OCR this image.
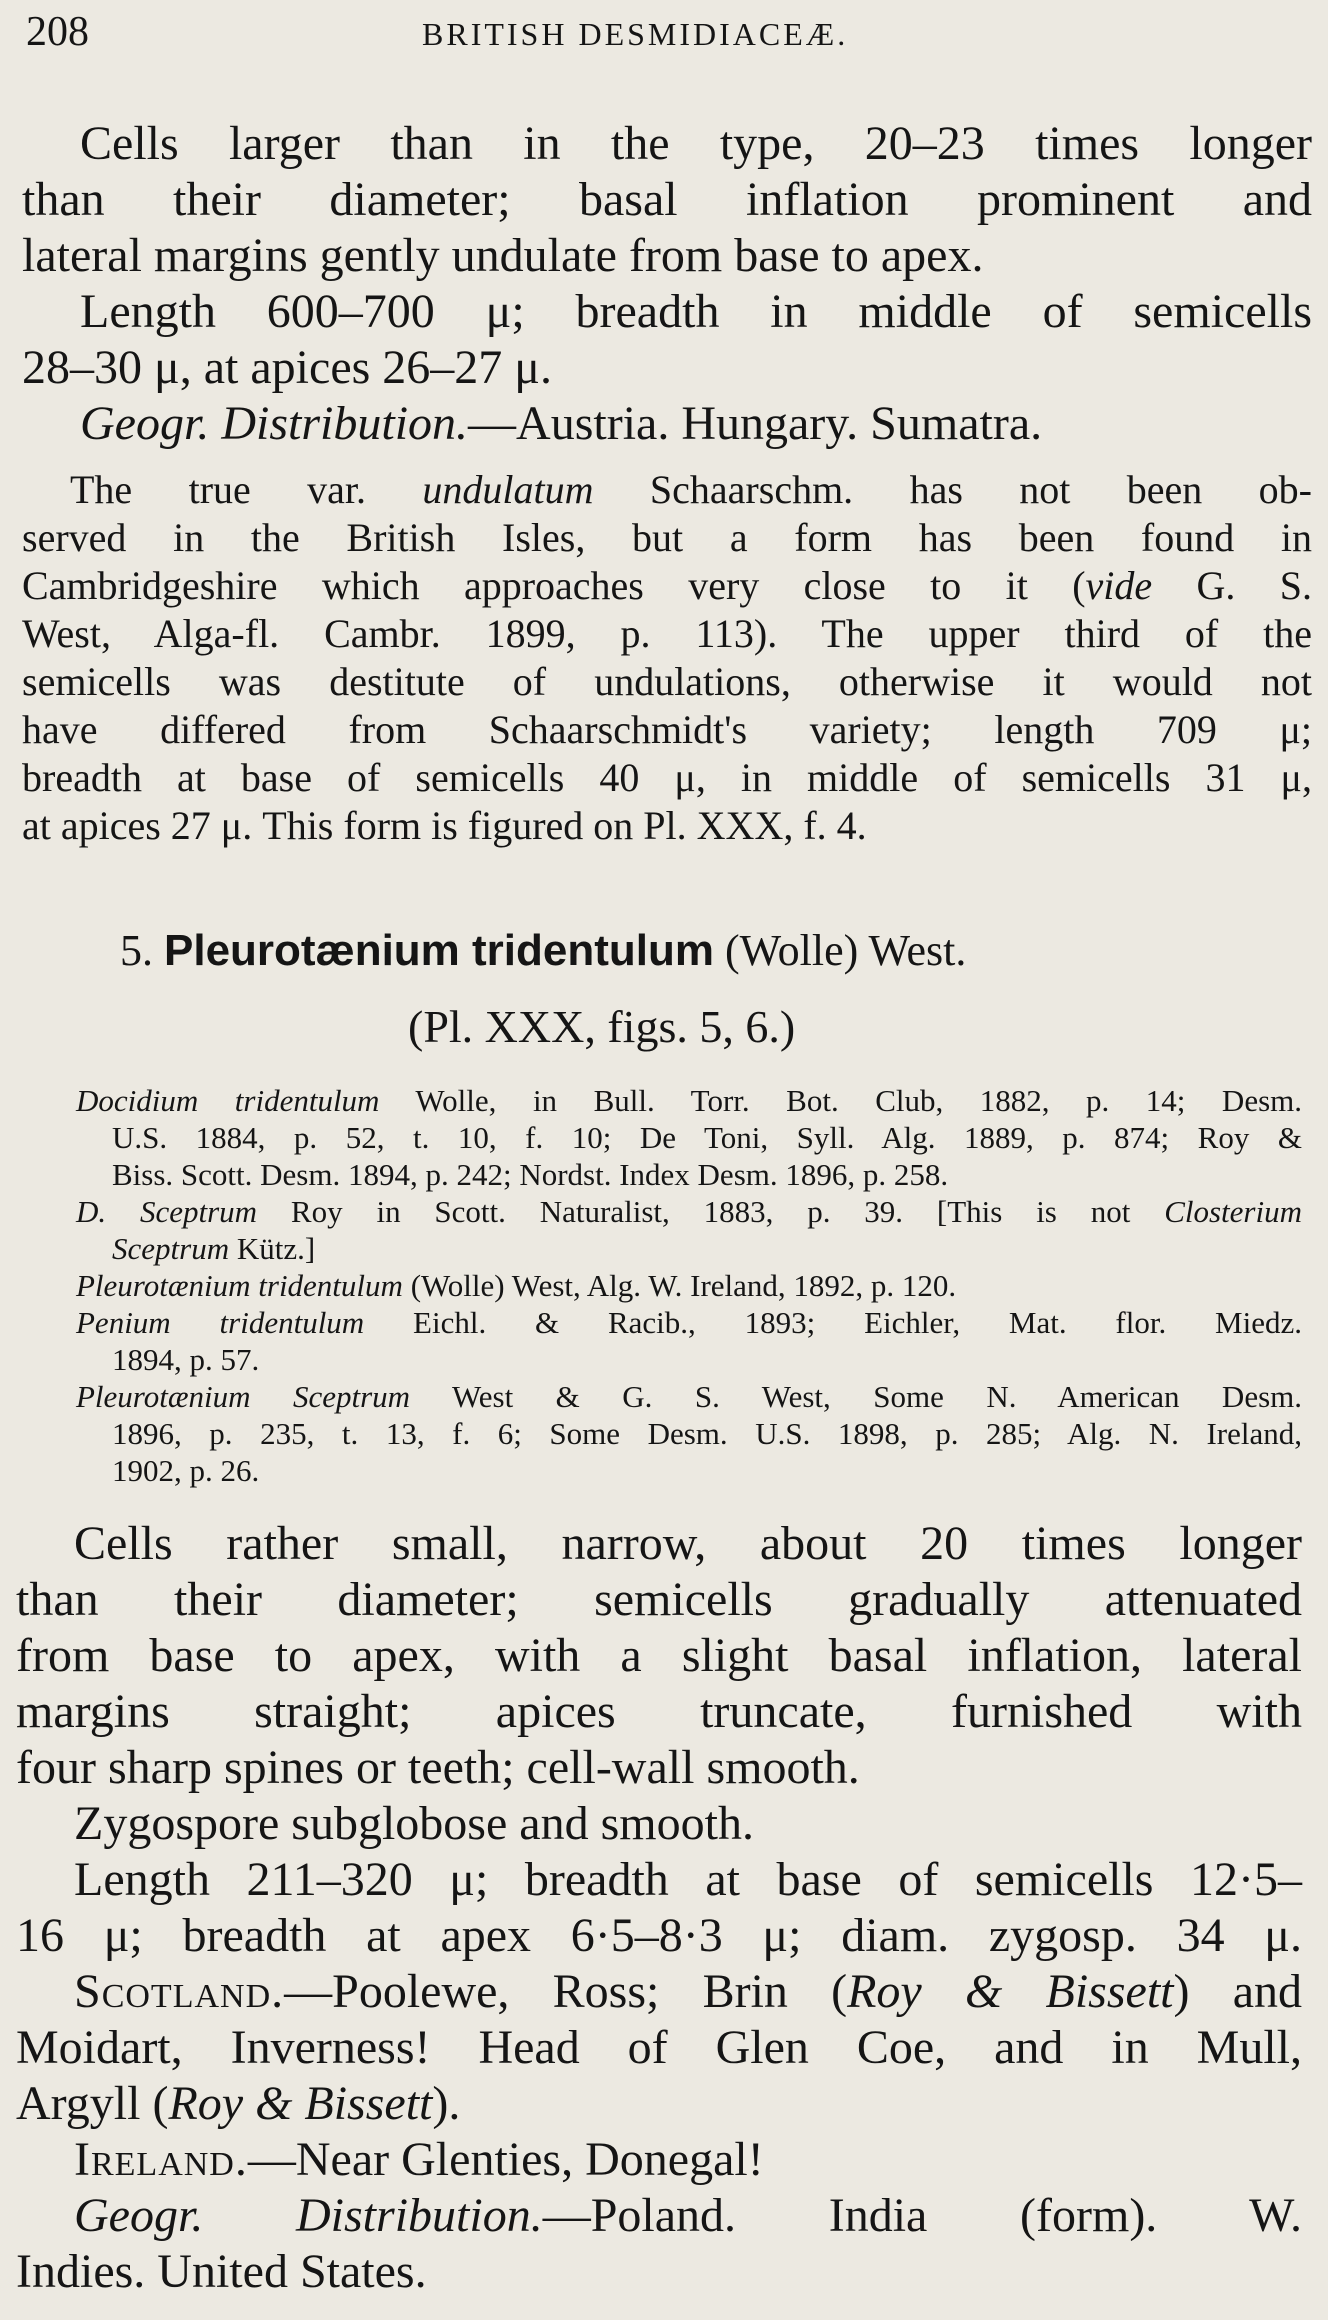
208	BRITISH DESMIDIACEÆ.
Cells larger than in the type, 20–23 times longer
than their diameter; basal inflation prominent and
lateral margins gently undulate from base to apex.
Length 600–700 μ; breadth in middle of semicells
28–30 μ, at apices 26–27 μ.
Geogr. Distribution.—Austria. Hungary. Sumatra.
The true var. undulatum Schaarschm. has not been ob-
served in the British Isles, but a form has been found in
Cambridgeshire which approaches very close to it (vide G. S.
West, Alga-fl. Cambr. 1899, p. 113). The upper third of the
semicells was destitute of undulations, otherwise it would not
have differed from Schaarschmidt's variety; length 709 μ;
breadth at base of semicells 40 μ, in middle of semicells 31 μ,
at apices 27 μ. This form is figured on Pl. XXX, f. 4.
5. Pleurotænium tridentulum (Wolle) West.
(Pl. XXX, figs. 5, 6.)
Docidium tridentulum Wolle, in Bull. Torr. Bot. Club, 1882, p. 14; Desm.
U.S. 1884, p. 52, t. 10, f. 10; De Toni, Syll. Alg. 1889, p. 874; Roy &
Biss. Scott. Desm. 1894, p. 242; Nordst. Index Desm. 1896, p. 258.
D. Sceptrum Roy in Scott. Naturalist, 1883, p. 39. [This is not Closterium
Sceptrum Kütz.]
Pleurotænium tridentulum (Wolle) West, Alg. W. Ireland, 1892, p. 120.
Penium tridentulum Eichl. & Racib., 1893; Eichler, Mat. flor. Miedz.
1894, p. 57.
Pleurotænium Sceptrum West & G. S. West, Some N. American Desm.
1896, p. 235, t. 13, f. 6; Some Desm. U.S. 1898, p. 285; Alg. N. Ireland,
1902, p. 26.
Cells rather small, narrow, about 20 times longer
than their diameter; semicells gradually attenuated
from base to apex, with a slight basal inflation, lateral
margins straight; apices truncate, furnished with
four sharp spines or teeth; cell-wall smooth.
Zygospore subglobose and smooth.
Length 211–320 μ; breadth at base of semicells 12·5–
16 μ; breadth at apex 6·5–8·3 μ; diam. zygosp. 34 μ.
Scotland.—Poolewe, Ross; Brin (Roy & Bissett) and
Moidart, Inverness! Head of Glen Coe, and in Mull,
Argyll (Roy & Bissett).
Ireland.—Near Glenties, Donegal!
Geogr. Distribution.—Poland. India (form). W.
Indies. United States.
